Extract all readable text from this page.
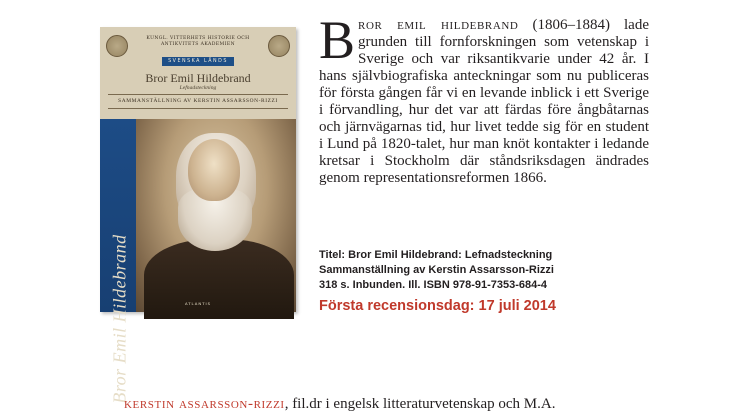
KUNGL. VITTERHETS HISTORIE OCH ANTIKVITETS AKADEMIEN
SVENSKA LÄNDS
Bror Emil Hildebrand
Lefnadsteckning
SAMMANSTÄLLNING AV KERSTIN ASSARSSON-RIZZI
Bror Emil Hildebrand	ATLANTIS

Bror emil hildebrand (1806–1884) lade grunden till fornforskningen som vetenskap i Sverige och var riksantikvarie under 42 år. I hans självbiografiska anteckningar som nu publiceras för första gången får vi en levande inblick i ett Sverige i förvandling, hur det var att färdas före ångbåtarnas och järnvägarnas tid, hur livet tedde sig för en student i Lund på 1820-talet, hur man knöt kontakter i ledande kretsar i Stockholm där ståndsriksdagen ändrades genom representationsreformen 1866.

Titel: Bror Emil Hildebrand: Lefnadsteckning
Sammanställning av Kerstin Assarsson-Rizzi
318 s. Inbunden. Ill. ISBN 978-91-7353-684-4
Första recensionsdag: 17 juli 2014

kerstin assarsson-rizzi, fil.dr i engelsk litteraturvetenskap och M.A.
